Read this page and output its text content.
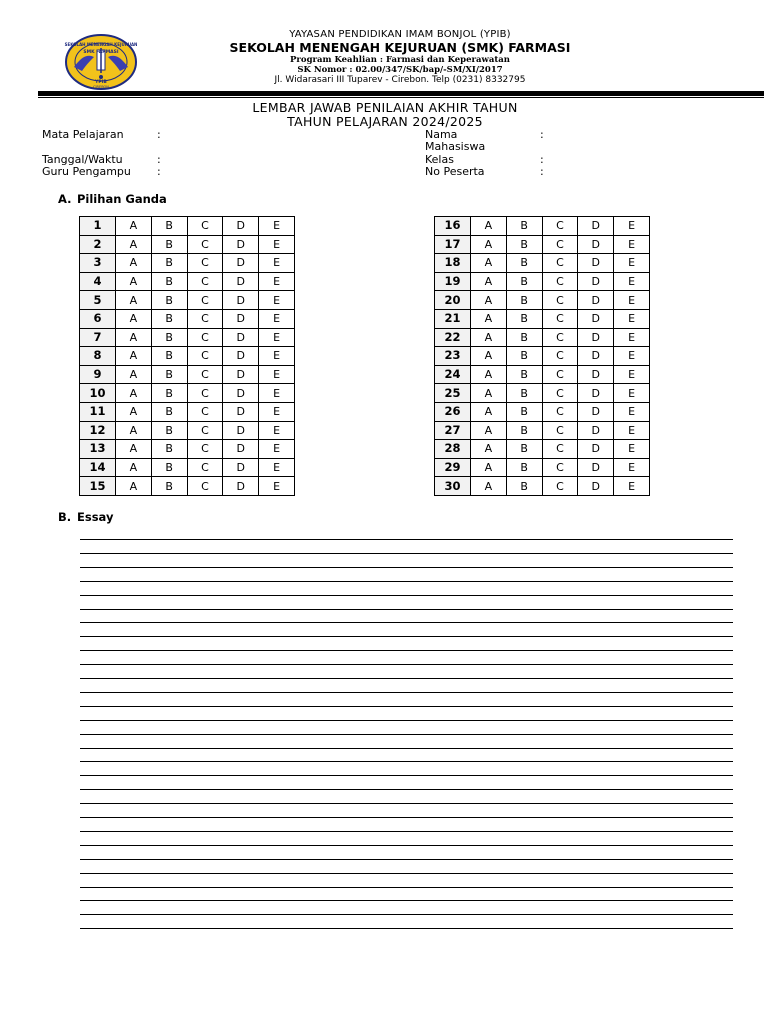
SEKOLAH MENENGAH KEJURUAN
SMK FARMASI
YPIB
CIREBON
YAYASAN PENDIDIKAN IMAM BONJOL (YPIB)
SEKOLAH MENENGAH KEJURUAN (SMK) FARMASI
Program Keahlian : Farmasi dan Keperawatan
SK Nomor : 02.00/347/SK/bap/-SM/XI/2017
Jl. Widarasari III Tuparev - Cirebon. Telp (0231) 8332795
LEMBAR JAWAB PENILAIAN AKHIR TAHUN
TAHUN PELAJARAN 2024/2025
Mata Pelajaran	:
Tanggal/Waktu	:
Guru Pengampu :
Nama
Mahasiswa
:
Kelas	:
No Peserta	:
A. Pilihan Ganda
1	A	B	C	D	E
2	A	B	C	D	E
3	A	B	C	D	E
4	A	B	C	D	E
5	A	B	C	D	E
6	A	B	C	D	E
7	A	B	C	D	E
8	A	B	C	D	E
9	A	B	C	D	E
10	A	B	C	D	E
11	A	B	C	D	E
12	A	B	C	D	E
13	A	B	C	D	E
14	A	B	C	D	E
15	A	B	C	D	E
16	A	B	C	D	E
17	A	B	C	D	E
18	A	B	C	D	E
19	A	B	C	D	E
20	A	B	C	D	E
21	A	B	C	D	E
22	A	B	C	D	E
23	A	B	C	D	E
24	A	B	C	D	E
25	A	B	C	D	E
26	A	B	C	D	E
27	A	B	C	D	E
28	A	B	C	D	E
29	A	B	C	D	E
30	A	B	C	D	E
B. Essay
